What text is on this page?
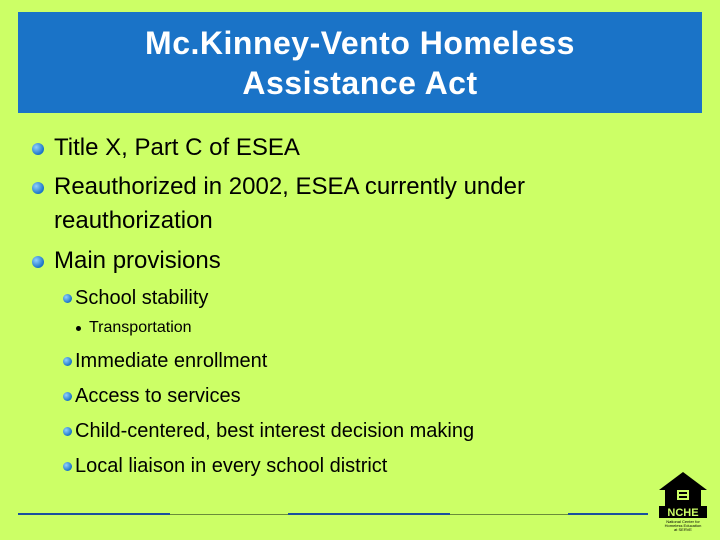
Mc.Kinney-Vento Homeless
Assistance Act
Title X, Part C of ESEA
Reauthorized in 2002, ESEA currently under
reauthorization
Main provisions
School stability
Transportation
Immediate enrollment
Access to services
Child-centered, best interest decision making
Local liaison in every school district
NCHE
National Center for
Homeless Education
at SERVE
